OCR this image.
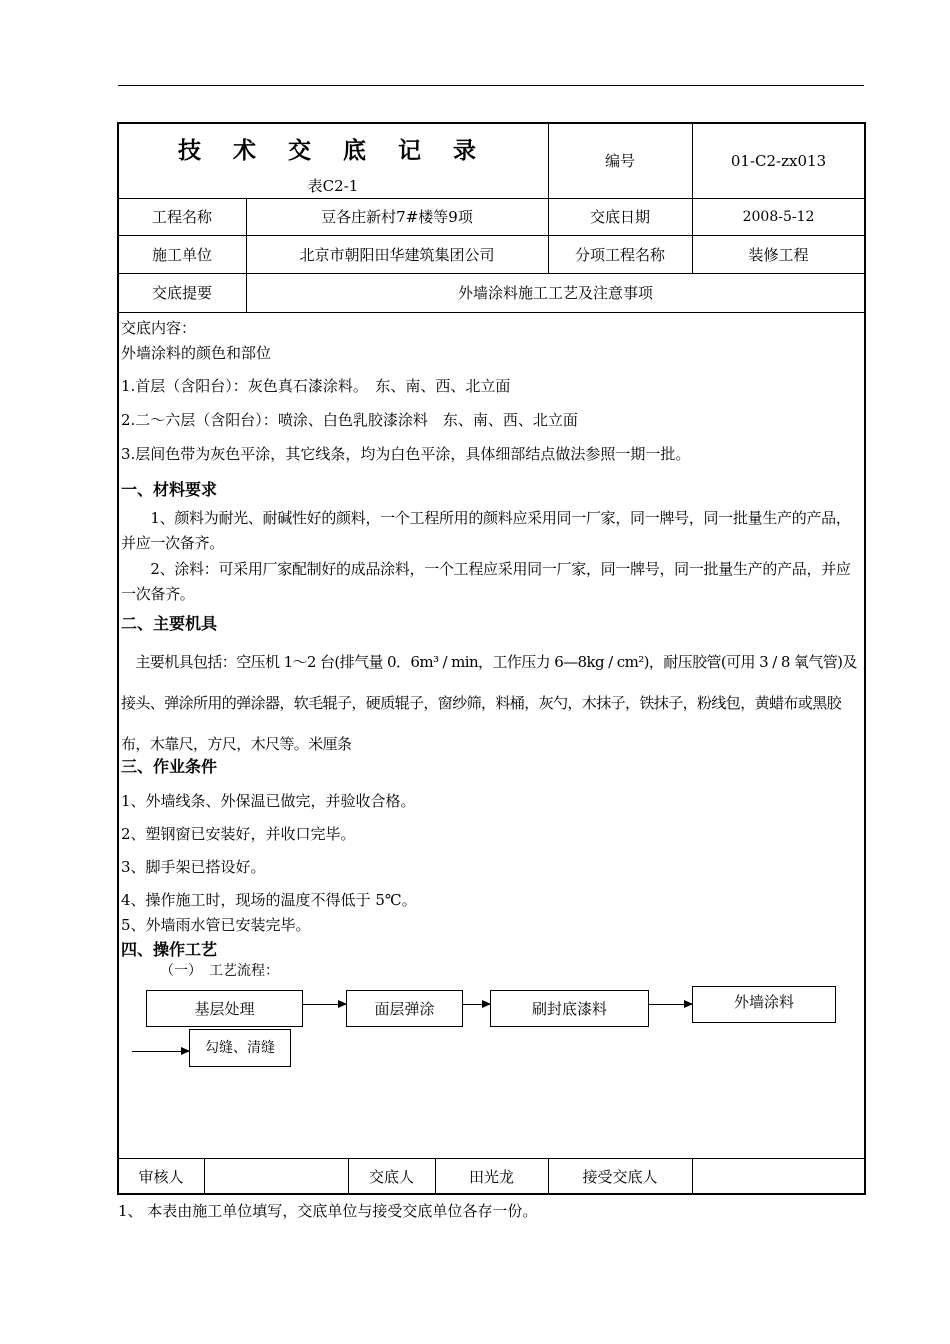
技 术 交 底 记 录
表C2-1
编号	01-C2-zx013
工程名称	豆各庄新村7#楼等9项	交底日期	2008-5-12
施工单位	北京市朝阳田华建筑集团公司	分项工程名称	装修工程
交底提要	外墙涂料施工工艺及注意事项
交底内容：
外墙涂料的颜色和部位
1.首层（含阳台）：灰色真石漆涂料。　东、南、西、北立面
2.二～六层（含阳台）：喷涂、白色乳胶漆涂料　东、南、西、北立面
3.层间色带为灰色平涂，其它线条，均为白色平涂，具体细部结点做法参照一期一批。
一、材料要求
　　1、颜料为耐光、耐碱性好的颜料，一个工程所用的颜料应采用同一厂家，同一牌号，同一批量生产的产品，并应一次备齐。
　　2、涂料：可采用厂家配制好的成品涂料，一个工程应采用同一厂家，同一牌号，同一批量生产的产品，并应一次备齐。
二、主要机具
　主要机具包括：空压机 1～2 台(排气量 0．6m³ / min，工作压力 6—8kg / cm²)，耐压胶管(可用 3 / 8 氧气管)及接头、弹涂所用的弹涂器，软毛辊子，硬质辊子，窗纱筛，料桶，灰勺，木抹子，铁抹子，粉线包，黄蜡布或黑胶布，木靠尺，方尺，木尺等。米厘条
三、作业条件
1、外墙线条、外保温已做完，并验收合格。
2、塑钢窗已安装好，并收口完毕。
3、脚手架已搭设好。
4、操作施工时，现场的温度不得低于 5℃。
5、外墙雨水管已安装完毕。
四、操作工艺
（一）　工艺流程：
基层处理	面层弹涂	刷封底漆料	外墙涂料
勾缝、清缝
审核人	交底人	田光龙	接受交底人
1、 本表由施工单位填写，交底单位与接受交底单位各存一份。
